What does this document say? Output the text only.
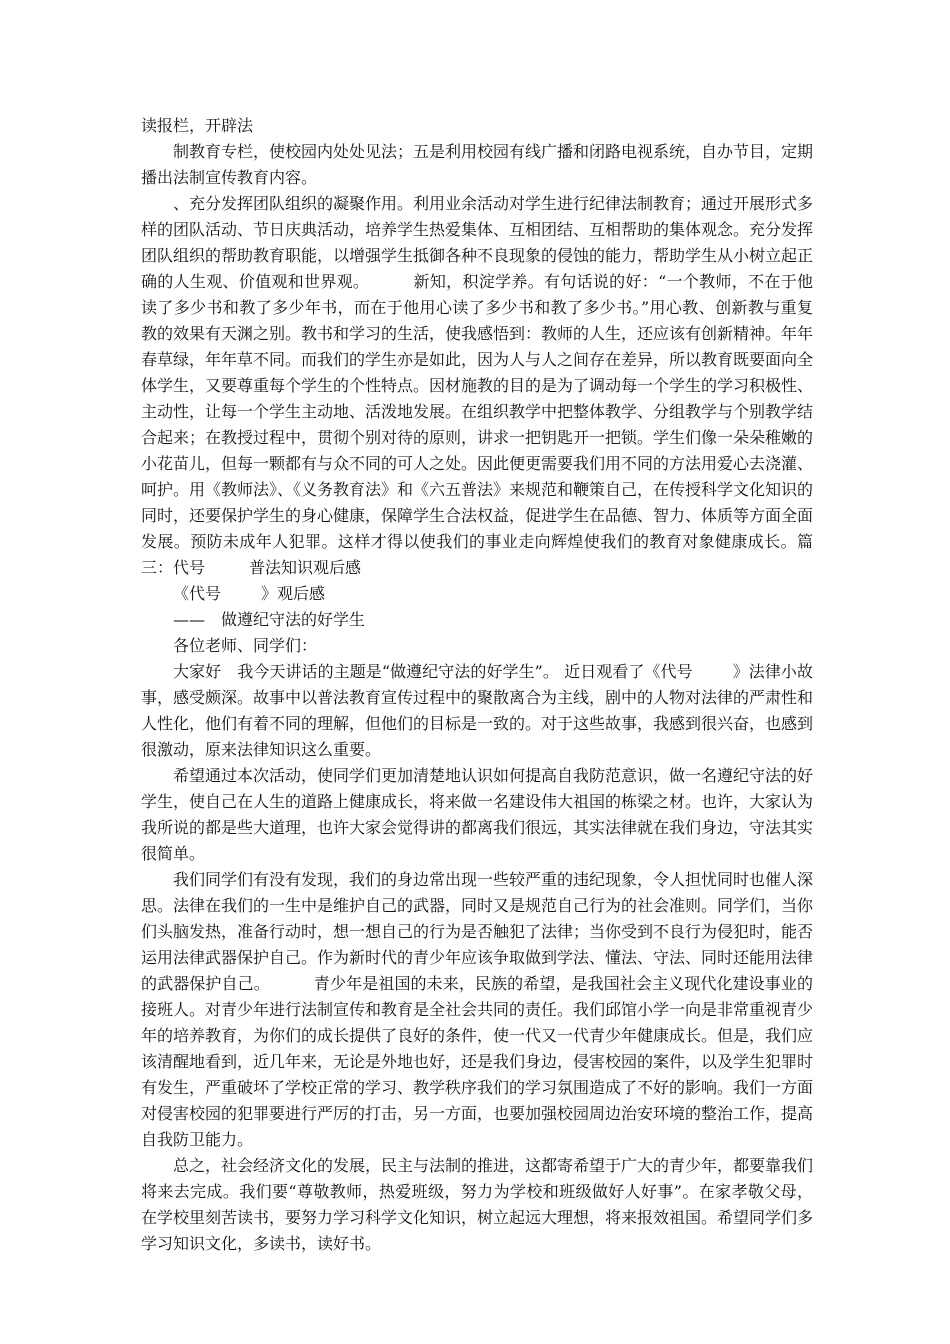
读报栏，开辟法

制教育专栏，使校园内处处见法；五是利用校园有线广播和闭路电视系统，自办节目，定期播出法制宣传教育内容。

、充分发挥团队组织的凝聚作用。利用业余活动对学生进行纪律法制教育；通过开展形式多样的团队活动、节日庆典活动，培养学生热爱集体、互相团结、互相帮助的集体观念。充分发挥团队组织的帮助教育职能，以增强学生抵御各种不良现象的侵蚀的能力，帮助学生从小树立起正确的人生观、价值观和世界观。	新知，积淀学养。有句话说的好：“一个教师，不在于他读了多少书和教了多少年书，而在于他用心读了多少书和教了多少书。”用心教、创新教与重复教的效果有天渊之别。教书和学习的生活，使我感悟到：教师的人生，还应该有创新精神。年年春草绿，年年草不同。而我们的学生亦是如此，因为人与人之间存在差异，所以教育既要面向全体学生，又要尊重每个学生的个性特点。因材施教的目的是为了调动每一个学生的学习积极性、主动性，让每一个学生主动地、活泼地发展。在组织教学中把整体教学、分组教学与个别教学结合起来；在教授过程中，贯彻个别对待的原则，讲求一把钥匙开一把锁。学生们像一朵朵稚嫩的小花苗儿，但每一颗都有与众不同的可人之处。因此便更需要我们用不同的方法用爱心去浇灌、呵护。用《教师法》、《义务教育法》和《六五普法》来规范和鞭策自己，在传授科学文化知识的同时，还要保护学生的身心健康，保障学生合法权益，促进学生在品德、智力、体质等方面全面发展。预防未成年人犯罪。这样才得以使我们的事业走向辉煌使我们的教育对象健康成长。篇三：代号	普法知识观后感

《代号	》观后感

——　做遵纪守法的好学生

各位老师、同学们：

大家好　我今天讲话的主题是“做遵纪守法的好学生”。 近日观看了《代号	》法律小故事，感受颇深。故事中以普法教育宣传过程中的聚散离合为主线，剧中的人物对法律的严肃性和人性化，他们有着不同的理解，但他们的目标是一致的。对于这些故事，我感到很兴奋，也感到很激动，原来法律知识这么重要。

希望通过本次活动，使同学们更加清楚地认识如何提高自我防范意识，做一名遵纪守法的好学生，使自己在人生的道路上健康成长，将来做一名建设伟大祖国的栋梁之材。也许，大家认为我所说的都是些大道理，也许大家会觉得讲的都离我们很远，其实法律就在我们身边，守法其实很简单。

我们同学们有没有发现，我们的身边常出现一些较严重的违纪现象，令人担忧同时也催人深思。法律在我们的一生中是维护自己的武器，同时又是规范自己行为的社会准则。同学们，当你们头脑发热，准备行动时，想一想自己的行为是否触犯了法律；当你受到不良行为侵犯时，能否运用法律武器保护自己。作为新时代的青少年应该争取做到学法、懂法、守法、同时还能用法律的武器保护自己。	青少年是祖国的未来，民族的希望，是我国社会主义现代化建设事业的接班人。对青少年进行法制宣传和教育是全社会共同的责任。我们邱馆小学一向是非常重视青少年的培养教育，为你们的成长提供了良好的条件，使一代又一代青少年健康成长。但是，我们应该清醒地看到，近几年来，无论是外地也好，还是我们身边，侵害校园的案件，以及学生犯罪时有发生，严重破坏了学校正常的学习、教学秩序我们的学习氛围造成了不好的影响。我们一方面对侵害校园的犯罪要进行严厉的打击，另一方面，也要加强校园周边治安环境的整治工作，提高自我防卫能力。

总之，社会经济文化的发展，民主与法制的推进，这都寄希望于广大的青少年，都要靠我们将来去完成。我们要“尊敬教师，热爱班级，努力为学校和班级做好人好事”。在家孝敬父母，在学校里刻苦读书，要努力学习科学文化知识，树立起远大理想，将来报效祖国。希望同学们多学习知识文化，多读书，读好书。
